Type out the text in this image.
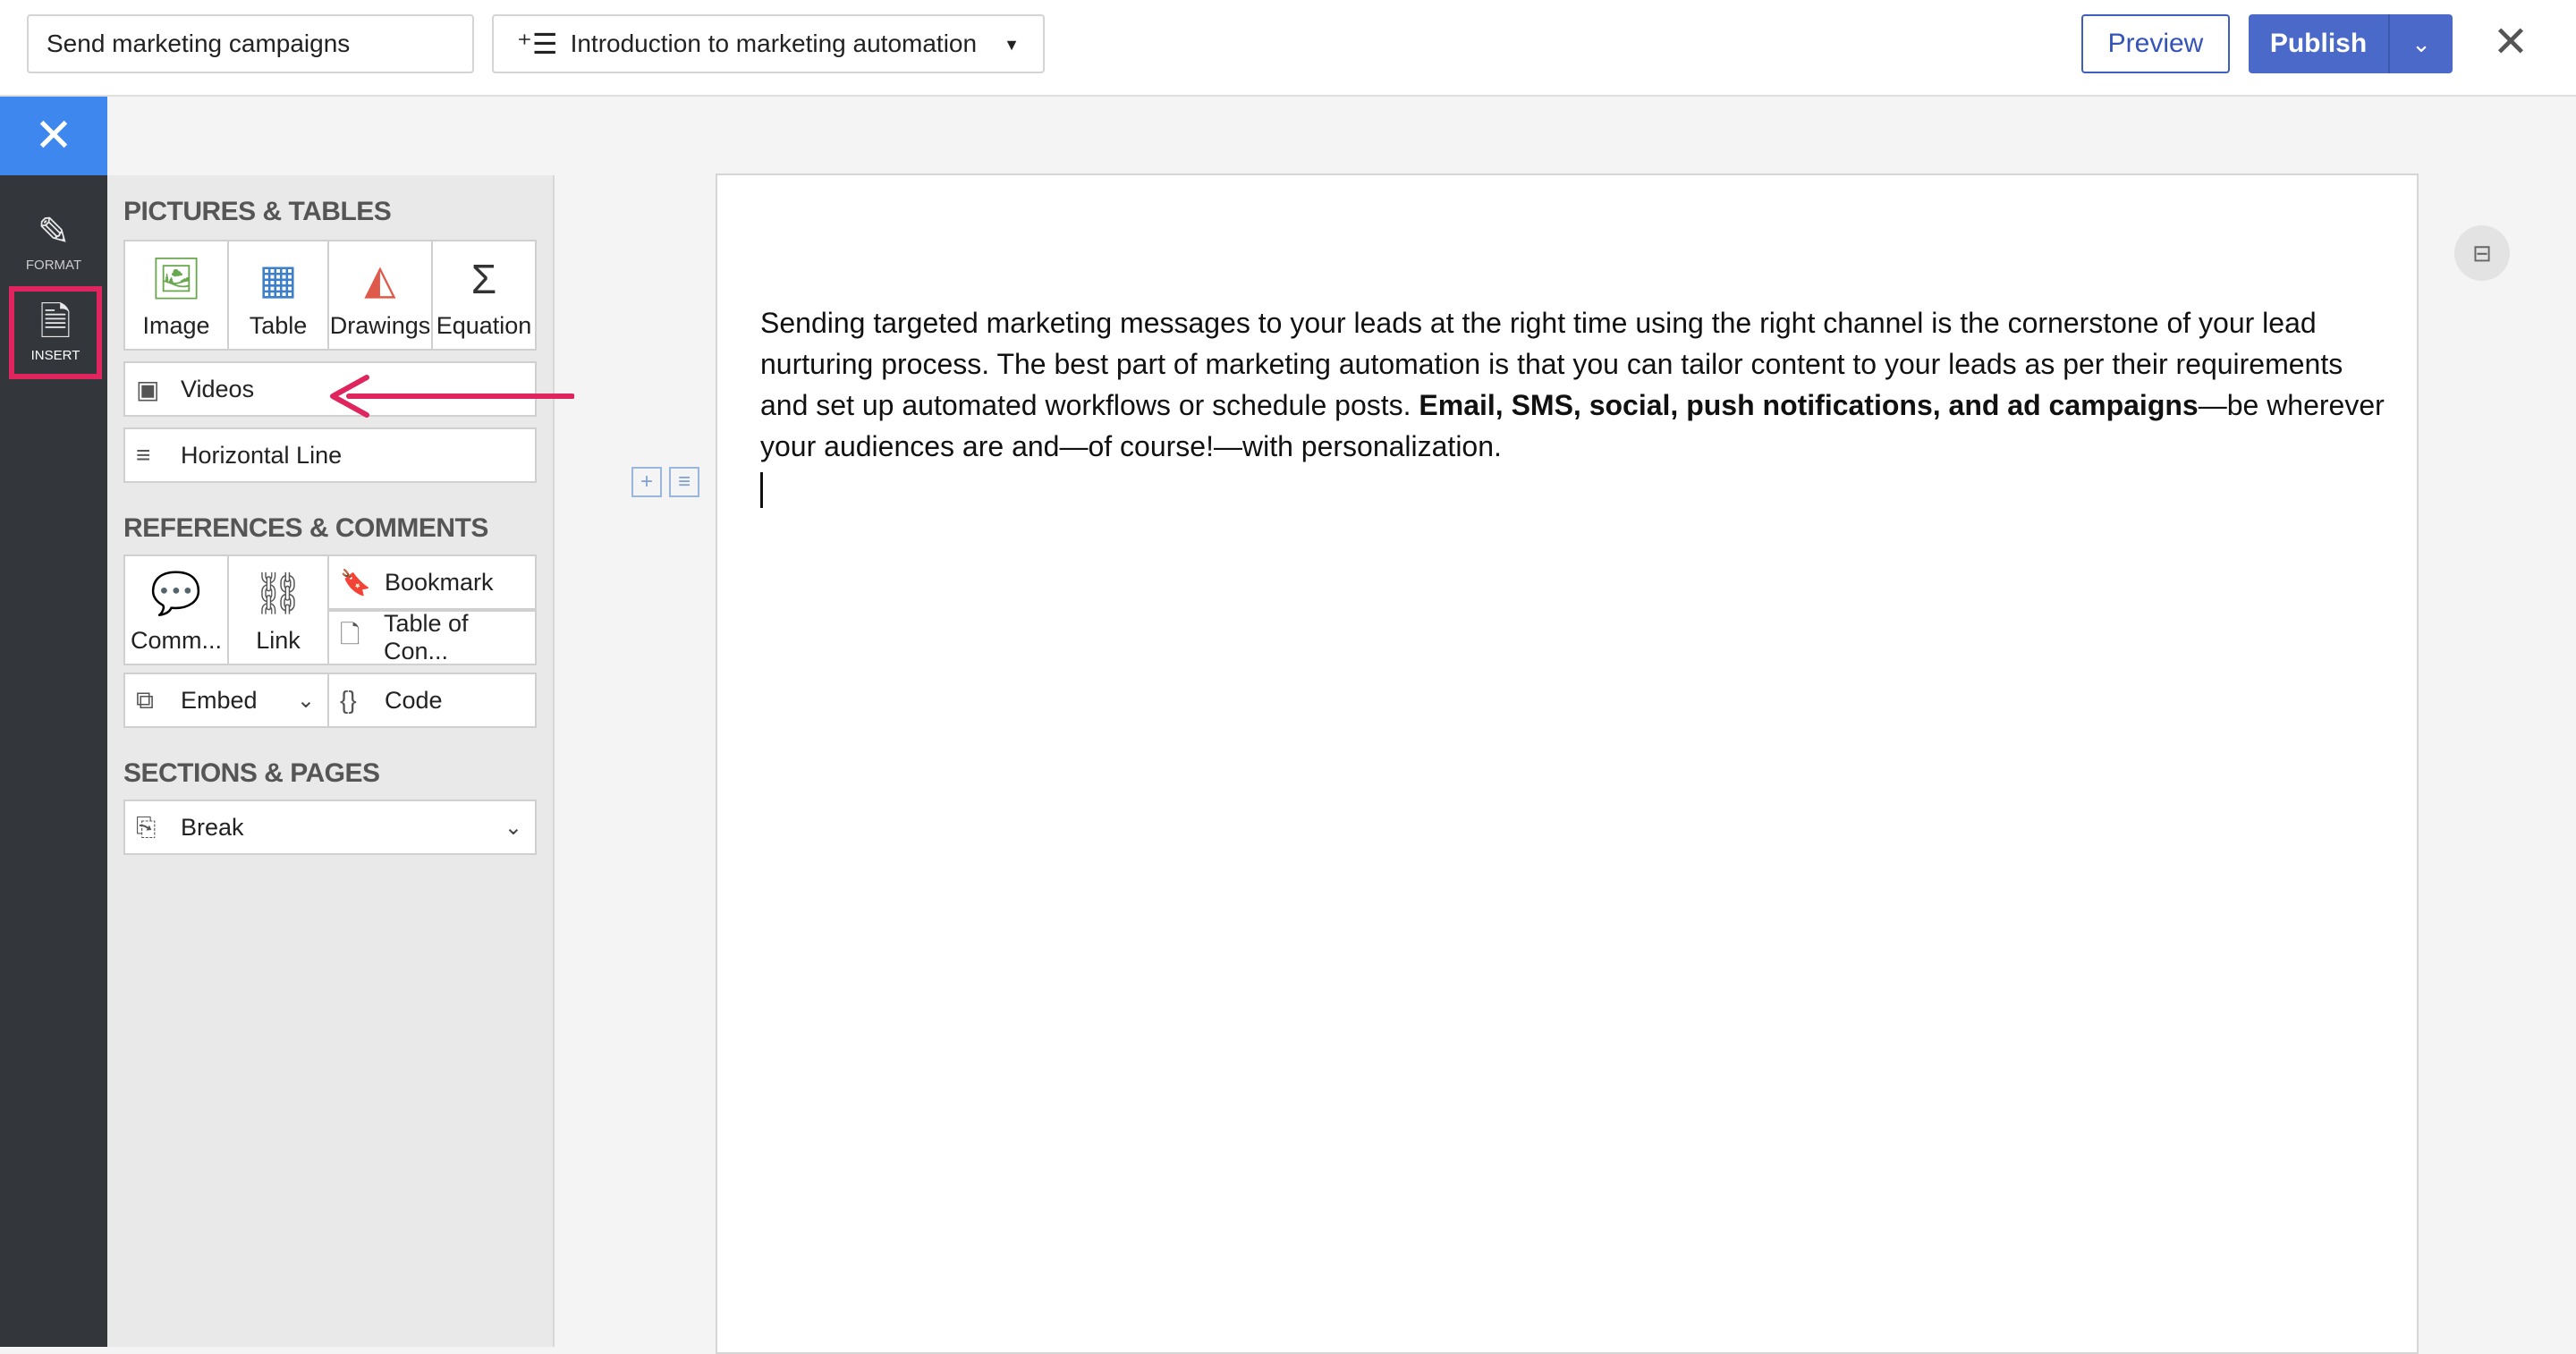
Send marketing campaigns	⁺☰ Introduction to marketing automation ▼	Preview	Publish	⌄	✕
✕
✎
FORMAT
🗎
INSERT
PICTURES & TABLES
🖼
Image
▦
Table
◭
Drawings
Σ
Equation
▣ Videos
≡	Horizontal Line
REFERENCES & COMMENTS
💬
Comm...
⛓
Link
🔖 Bookmark
🗋 Table of Con...
⧉	Embed ⌄ {}	Code
SECTIONS & PAGES
⎘	Break	⌄
+	≡

Sending targeted marketing messages to your leads at the right time using the right channel is the cornerstone of your lead nurturing process. The best part of marketing automation is that you can tailor content to your leads as per their requirements and set up automated workflows or schedule posts. Email, SMS, social, push notifications, and ad campaigns—be wherever your audiences are and—of course!—with personalization.

⊟
